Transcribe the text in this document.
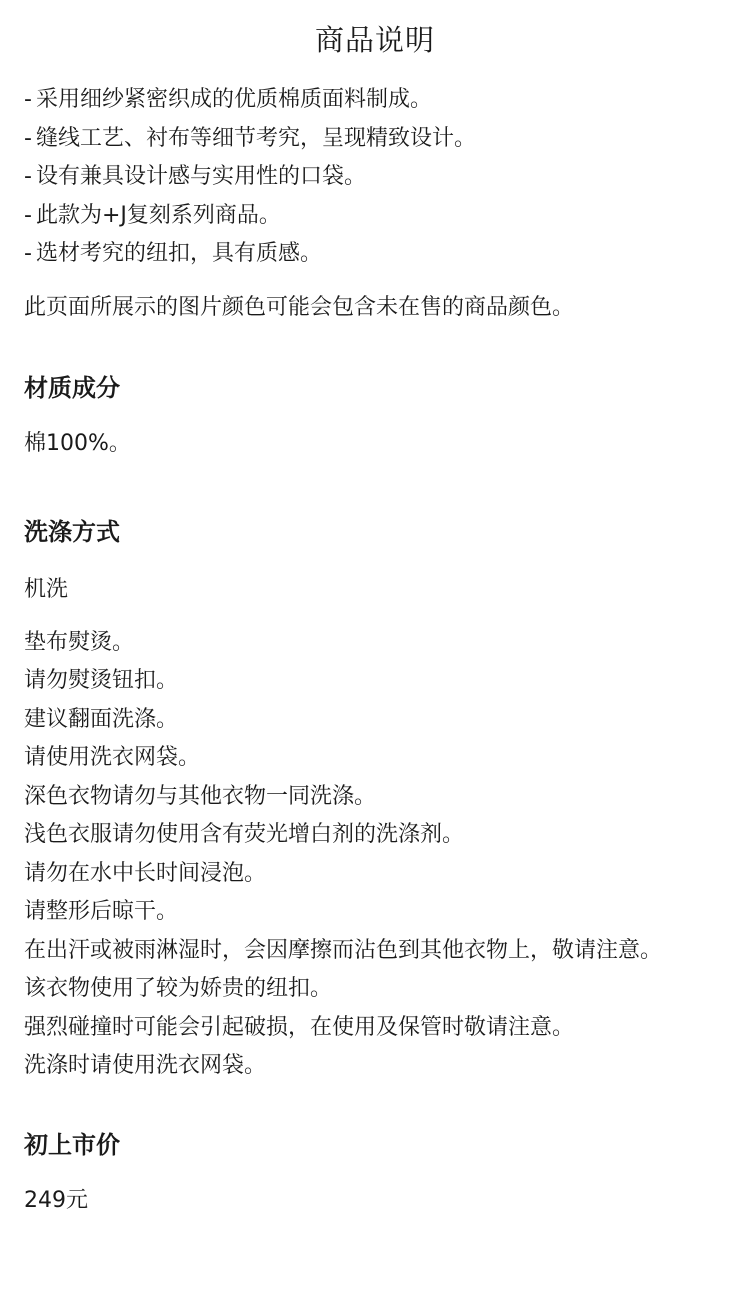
商品说明
- 采用细纱紧密织成的优质棉质面料制成。
- 缝线工艺、衬布等细节考究，呈现精致设计。
- 设有兼具设计感与实用性的口袋。
- 此款为+J复刻系列商品。
- 选材考究的纽扣，具有质感。

此页面所展示的图片颜色可能会包含未在售的商品颜色。

材质成分

棉100%。

洗涤方式

机洗

垫布熨烫。
请勿熨烫钮扣。
建议翻面洗涤。
请使用洗衣网袋。
深色衣物请勿与其他衣物一同洗涤。
浅色衣服请勿使用含有荧光增白剂的洗涤剂。
请勿在水中长时间浸泡。
请整形后晾干。
在出汗或被雨淋湿时，会因摩擦而沾色到其他衣物上，敬请注意。
该衣物使用了较为娇贵的纽扣。
强烈碰撞时可能会引起破损，在使用及保管时敬请注意。
洗涤时请使用洗衣网袋。
初上市价

249元
